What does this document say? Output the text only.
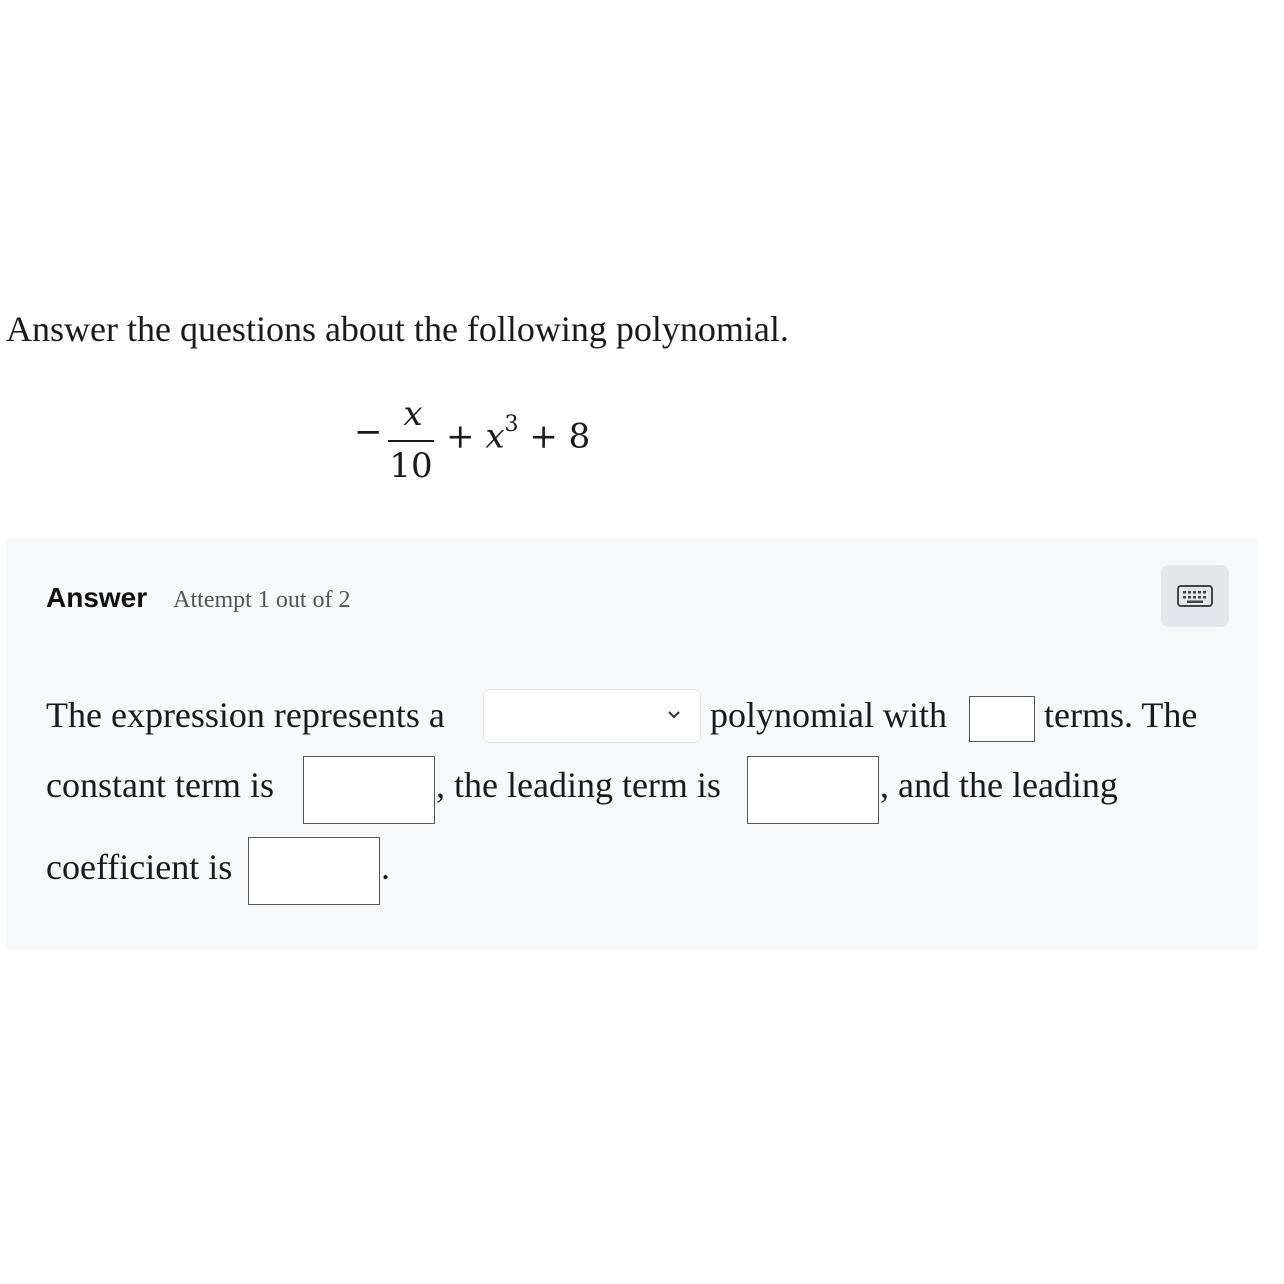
Answer the questions about the following polynomial.
− x
10
+ $x^3 + 8$
Answer Attempt 1 out of 2
The expression represents a	polynomial with	terms. The
constant term is	, the leading term is	, and the leading
coefficient is	.
